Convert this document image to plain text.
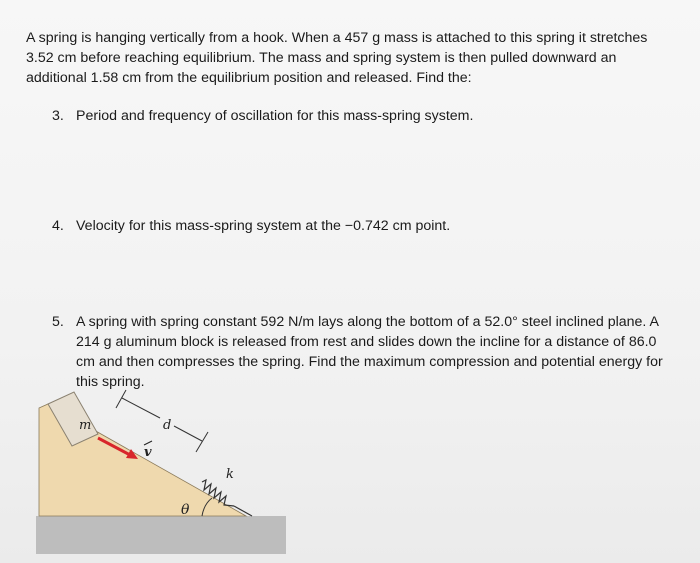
A spring is hanging vertically from a hook. When a 457 g mass is attached to this spring it stretches 3.52 cm before reaching equilibrium. The mass and spring system is then pulled downward an additional 1.58 cm from the equilibrium position and released. Find the:

3. Period and frequency of oscillation for this mass-spring system.
4. Velocity for this mass-spring system at the −0.742 cm point.
5. A spring with spring constant 592 N/m lays along the bottom of a 52.0° steel inclined plane. A 214 g aluminum block is released from rest and slides down the incline for a distance of 86.0 cm and then compresses the spring. Find the maximum compression and potential energy for this spring.
m
v
d
k
θ
